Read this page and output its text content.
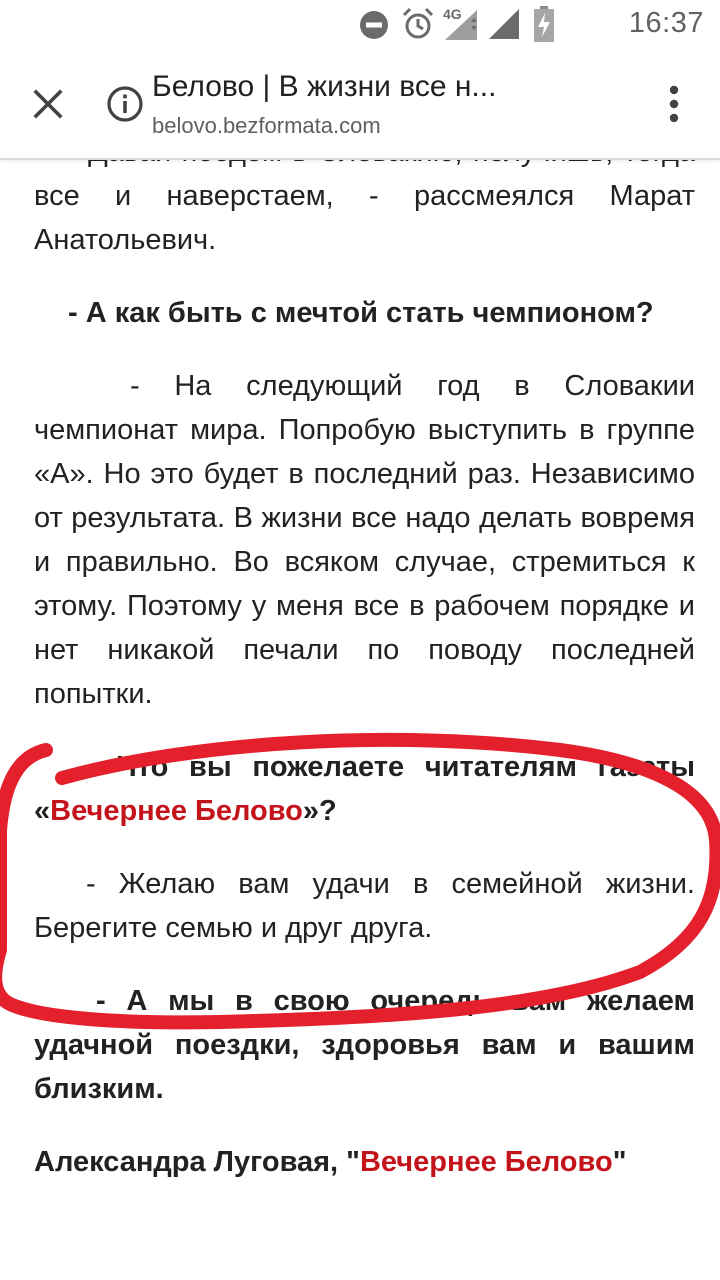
4G	16:37
Белово | В жизни все н...
belovo.bezformata.com

все и наверстаем, - рассмеялся Марат Анатольевич.

- А как быть с мечтой стать чемпионом?

- На следующий год в Словакии чемпионат мира. Попробую выступить в группе «А». Но это будет в последний раз. Независимо от результата. В жизни все надо делать вовремя и правильно. Во всяком случае, стремиться к этому. Поэтому у меня все в рабочем порядке и нет никакой печали по поводу последней попытки.

- Что вы пожелаете читателям газеты «Вечернее Белово»?

- Желаю вам удачи в семейной жизни. Берегите семью и друг друга.

- А мы в свою очередь вам желаем удачной поездки, здоровья вам и вашим близким.

Александра Луговая, "Вечернее Белово"
